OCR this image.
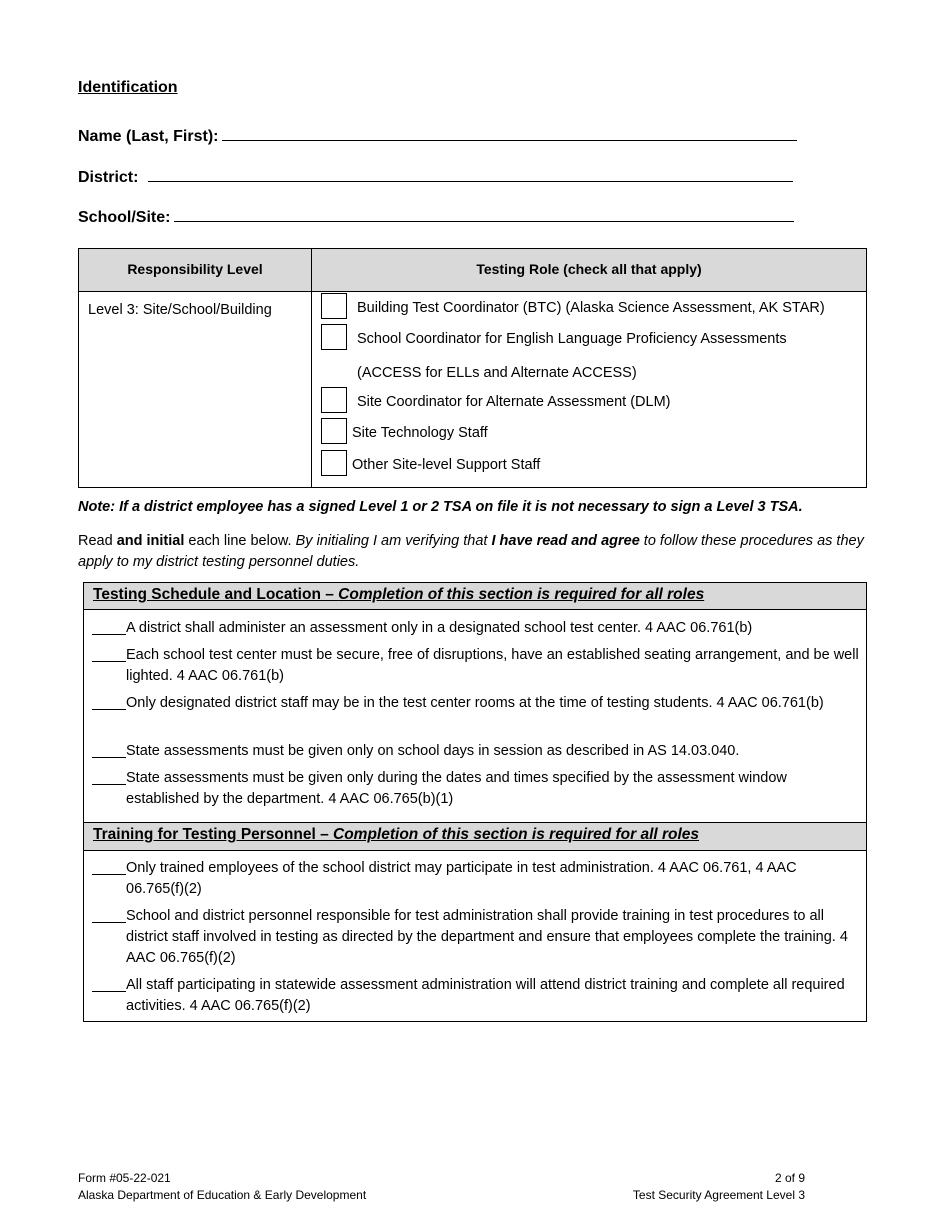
Identification
Name (Last, First):
District:
School/Site:
Responsibility Level	Testing Role (check all that apply)
Level 3: Site/School/Building	Building Test Coordinator (BTC) (Alaska Science Assessment, AK STAR)
School Coordinator for English Language Proficiency Assessments
(ACCESS for ELLs and Alternate ACCESS)
Site Coordinator for Alternate Assessment (DLM)
Site Technology Staff
Other Site-level Support Staff
Note: If a district employee has a signed Level 1 or 2 TSA on file it is not necessary to sign a Level 3 TSA.
Read and initial each line below. By initialing I am verifying that I have read and agree to follow these procedures as they apply to my district testing personnel duties.
Testing Schedule and Location – Completion of this section is required for all roles
A district shall administer an assessment only in a designated school test center. 4 AAC 06.761(b)
Each school test center must be secure, free of disruptions, have an established seating arrangement, and be well lighted. 4 AAC 06.761(b)
Only designated district staff may be in the test center rooms at the time of testing students. 4 AAC 06.761(b)
State assessments must be given only on school days in session as described in AS 14.03.040.
State assessments must be given only during the dates and times specified by the assessment window established by the department. 4 AAC 06.765(b)(1)
Training for Testing Personnel – Completion of this section is required for all roles
Only trained employees of the school district may participate in test administration. 4 AAC 06.761, 4 AAC 06.765(f)(2)
School and district personnel responsible for test administration shall provide training in test procedures to all district staff involved in testing as directed by the department and ensure that employees complete the training. 4 AAC 06.765(f)(2)
All staff participating in statewide assessment administration will attend district training and complete all required activities. 4 AAC 06.765(f)(2)
Form #05-22-021
Alaska Department of Education & Early Development
2 of 9
Test Security Agreement Level 3
